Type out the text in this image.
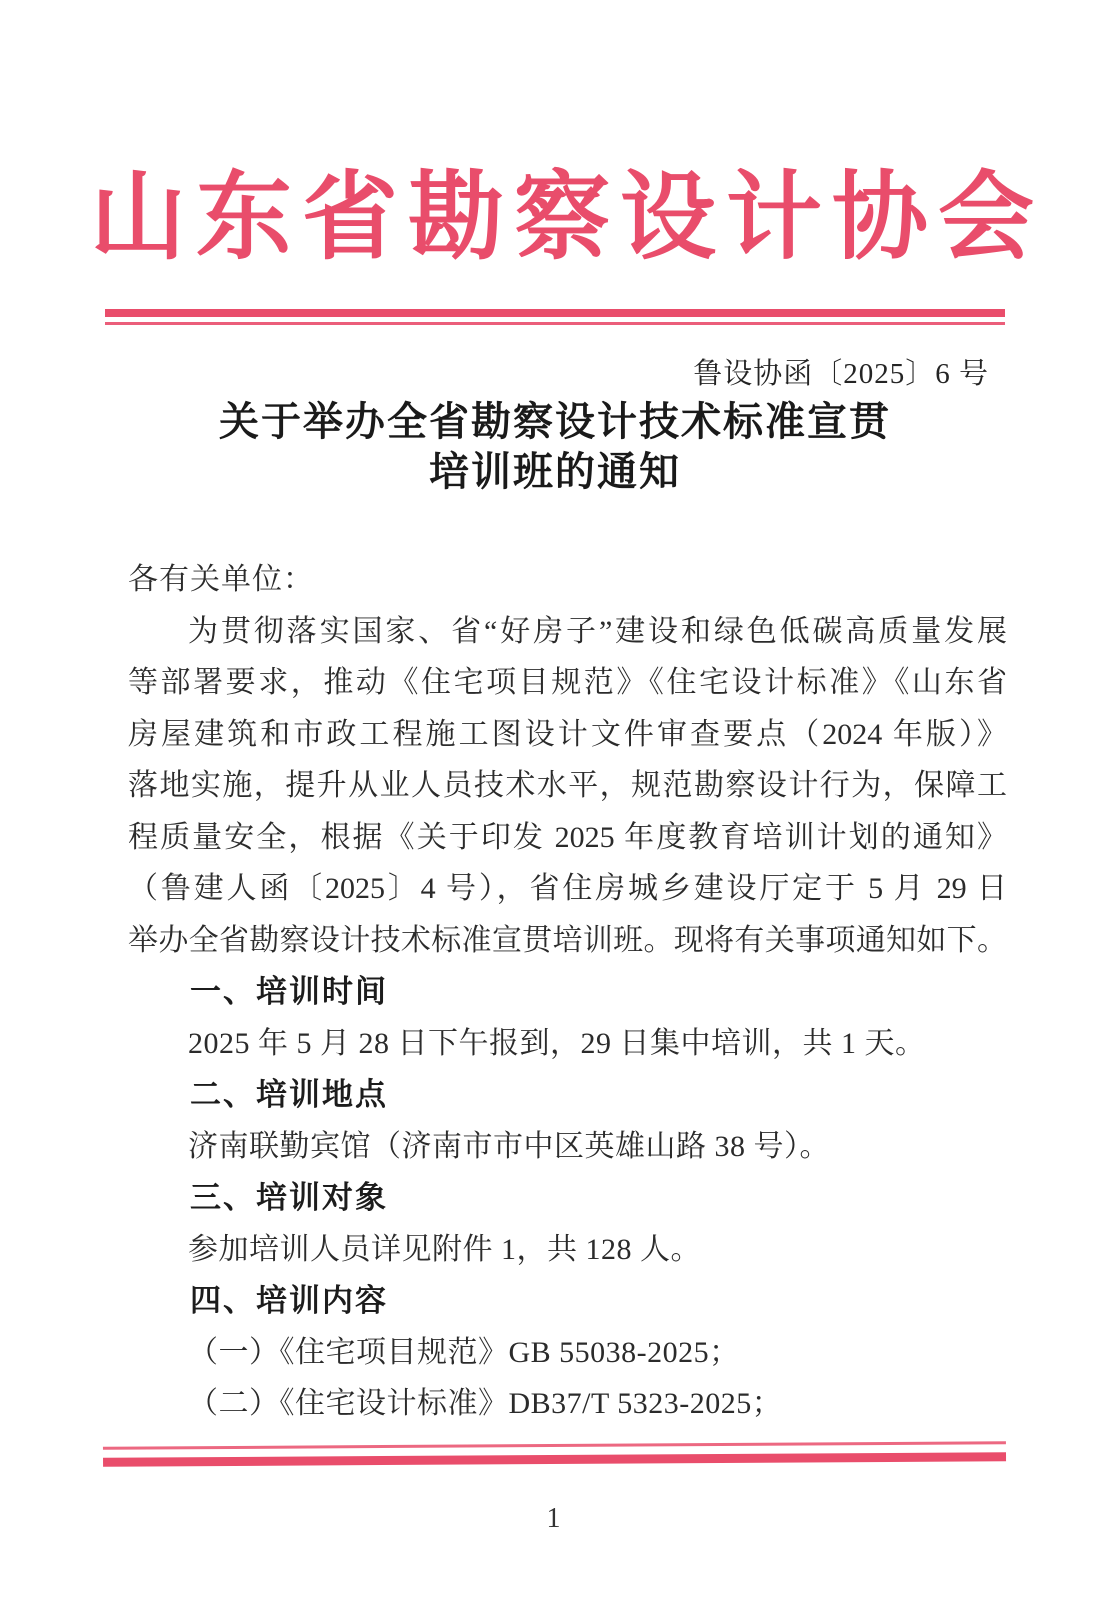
山东省勘察设计协会
鲁设协函〔2025〕6 号
关于举办全省勘察设计技术标准宣贯
培训班的通知
各有关单位：
为贯彻落实国家、省“好房子”建设和绿色低碳高质量发展
等部署要求，推动《住宅项目规范》《住宅设计标准》《山东省
房屋建筑和市政工程施工图设计文件审查要点（2024 年版）》
落地实施，提升从业人员技术水平，规范勘察设计行为，保障工
程质量安全，根据《关于印发 2025 年度教育培训计划的通知》
（鲁建人函〔2025〕4 号），省住房城乡建设厅定于 5 月 29 日
举办全省勘察设计技术标准宣贯培训班。现将有关事项通知如下。
一、培训时间
2025 年 5 月 28 日下午报到，29 日集中培训，共 1 天。
二、培训地点
济南联勤宾馆（济南市市中区英雄山路 38 号）。
三、培训对象
参加培训人员详见附件 1，共 128 人。
四、培训内容
（一）《住宅项目规范》GB 55038-2025；
（二）《住宅设计标准》DB37/T 5323-2025；
1
